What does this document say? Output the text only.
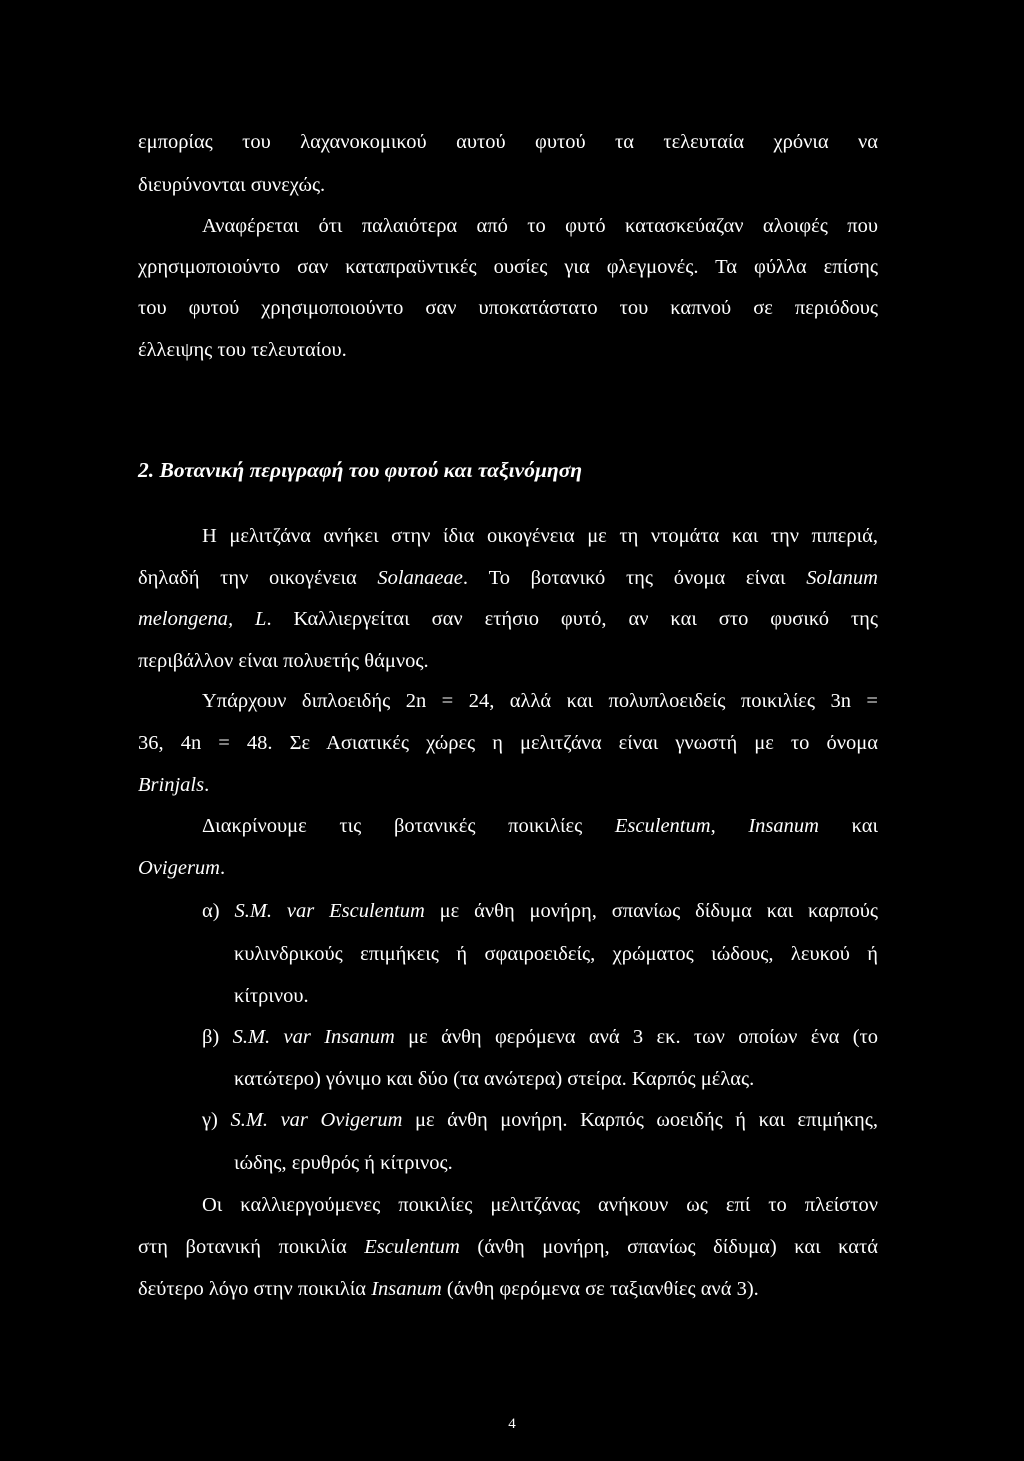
εμπορίας του λαχανοκομικού αυτού φυτού τα τελευταία χρόνια να
διευρύνονται συνεχώς.
Αναφέρεται ότι παλαιότερα από το φυτό κατασκεύαζαν αλοιφές που
χρησιμοποιούντο σαν καταπραϋντικές ουσίες για φλεγμονές. Τα φύλλα επίσης
του φυτού χρησιμοποιούντο σαν υποκατάστατο του καπνού σε περιόδους
έλλειψης του τελευταίου.
2. Βοτανική περιγραφή του φυτού και ταξινόμηση
Η μελιτζάνα ανήκει στην ίδια οικογένεια με τη ντομάτα και την πιπεριά,
δηλαδή την οικογένεια Solanaeae. Το βοτανικό της όνομα είναι Solanum
melongena, L. Καλλιεργείται σαν ετήσιο φυτό, αν και στο φυσικό της
περιβάλλον είναι πολυετής θάμνος.
Υπάρχουν διπλοειδής 2n = 24, αλλά και πολυπλοειδείς ποικιλίες 3n =
36, 4n = 48. Σε Ασιατικές χώρες η μελιτζάνα είναι γνωστή με το όνομα
Brinjals.
Διακρίνουμε τις βοτανικές ποικιλίες Esculentum, Insanum και
Ovigerum.
α) S.M. var Esculentum με άνθη μονήρη, σπανίως δίδυμα και καρπούς
κυλινδρικούς επιμήκεις ή σφαιροειδείς, χρώματος ιώδους, λευκού ή
κίτρινου.
β) S.M. var Insanum με άνθη φερόμενα ανά 3 εκ. των οποίων ένα (το
κατώτερο) γόνιμο και δύο (τα ανώτερα) στείρα. Καρπός μέλας.
γ) S.M. var Ovigerum με άνθη μονήρη. Καρπός ωοειδής ή και επιμήκης,
ιώδης, ερυθρός ή κίτρινος.
Οι καλλιεργούμενες ποικιλίες μελιτζάνας ανήκουν ως επί το πλείστον
στη βοτανική ποικιλία Esculentum (άνθη μονήρη, σπανίως δίδυμα) και κατά
δεύτερο λόγο στην ποικιλία Insanum (άνθη φερόμενα σε ταξιανθίες ανά 3).
4
